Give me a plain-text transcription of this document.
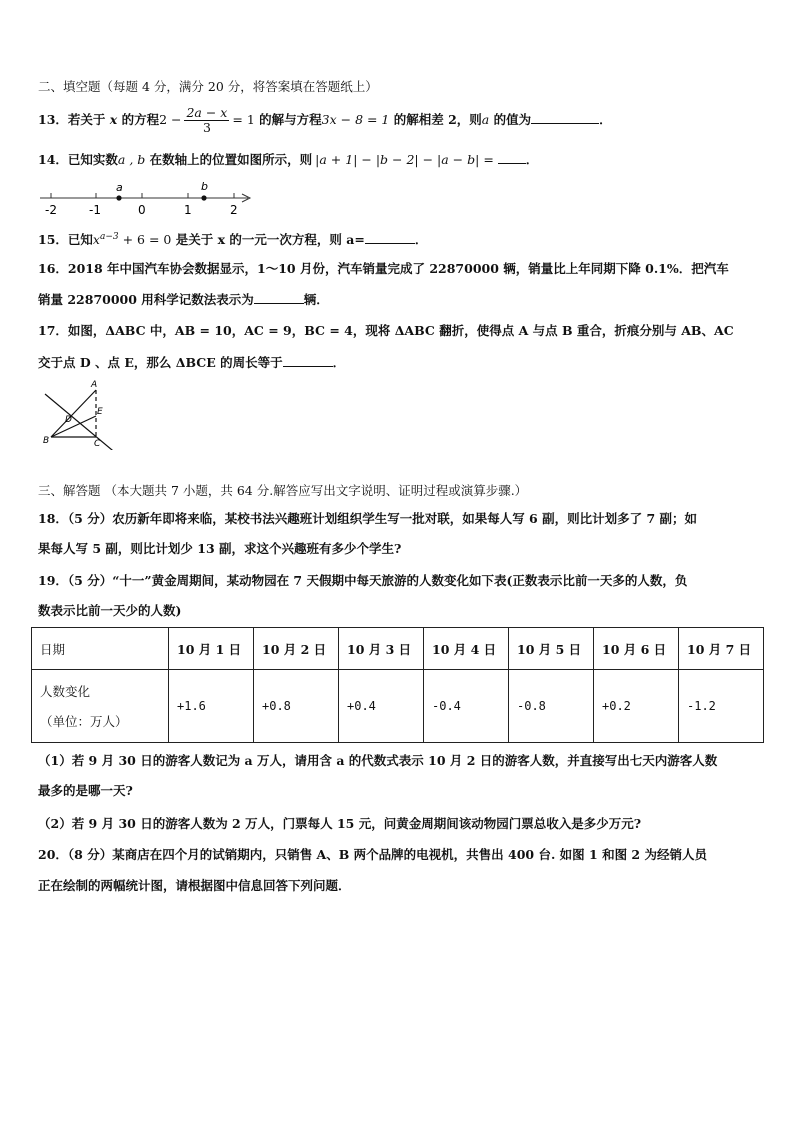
二、填空题（每题 4 分，满分 20 分，将答案填在答题纸上）
13．若关于 x 的方程$2 - \frac{2a - x}{3} = 1$ 的解与方程3x − 8 = 1 的解相差 2，则a 的值为	．
14．已知实数a , b 在数轴上的位置如图所示，则 |a + 1| − |b − 2| − |a − b| =	．
a	b
-2	-1	0	1	2
15．已知$x^{a-3} + 6 = 0$ 是关于 x 的一元一次方程，则 a=	．
16．2018 年中国汽车协会数据显示，1～10 月份，汽车销量完成了 22870000 辆，销量比上年同期下降 0.1%．把汽车
销量 22870000 用科学记数法表示为	辆．
17．如图，ΔABC 中，AB = 10，AC = 9，BC = 4，现将 ΔABC 翻折，使得点 A 与点 B 重合，折痕分别与 AB、AC
交于点 D 、点 E，那么 ΔBCE 的周长等于	．
A
B	C
D
E
三、解答题 （本大题共 7 小题，共 64 分.解答应写出文字说明、证明过程或演算步骤.）
18．（5 分）农历新年即将来临，某校书法兴趣班计划组织学生写一批对联，如果每人写 6 副，则比计划多了 7 副；如
果每人写 5 副，则比计划少 13 副，求这个兴趣班有多少个学生?
19．（5 分）“十一”黄金周期间，某动物园在 7 天假期中每天旅游的人数变化如下表(正数表示比前一天多的人数，负
数表示比前一天少的人数)
日期	10 月 1 日	10 月 2 日	10 月 3 日	10 月 4 日	10 月 5 日	10 月 6 日	10 月 7 日

人数变化
（单位：万人）	+1.6	+0.8	+0.4	-0.4	-0.8	+0.2	-1.2
（1）若 9 月 30 日的游客人数记为 a 万人，请用含 a 的代数式表示 10 月 2 日的游客人数，并直接写出七天内游客人数
最多的是哪一天?
（2）若 9 月 30 日的游客人数为 2 万人，门票每人 15 元，问黄金周期间该动物园门票总收入是多少万元?
20．（8 分）某商店在四个月的试销期内，只销售 A、B 两个品牌的电视机，共售出 400 台. 如图 1 和图 2 为经销人员
正在绘制的两幅统计图，请根据图中信息回答下列问题．
